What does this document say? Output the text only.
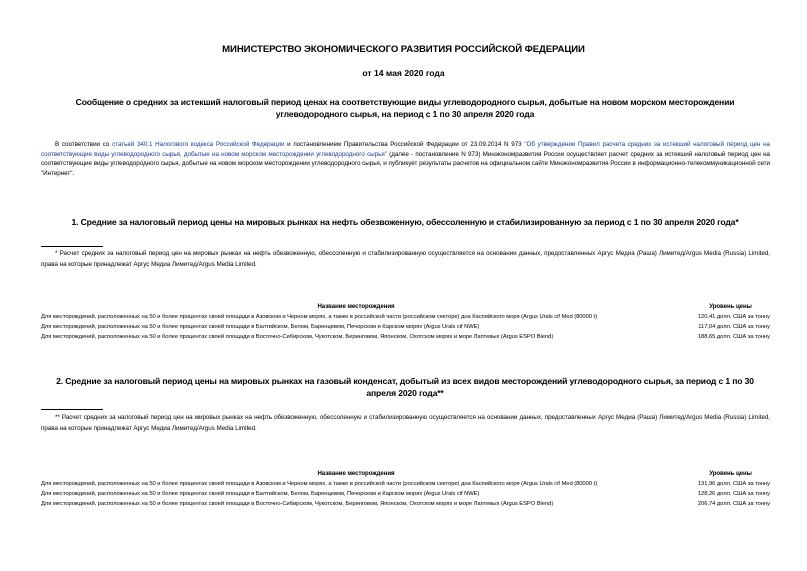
МИНИСТЕРСТВО ЭКОНОМИЧЕСКОГО РАЗВИТИЯ РОССИЙСКОЙ ФЕДЕРАЦИИ
от 14 мая 2020 года
Сообщение о средних за истекший налоговый период ценах на соответствующие виды углеводородного сырья, добытые на новом морском месторождении углеводородного сырья, на период с 1 по 30 апреля 2020 года
В соответствии со статьей 340.1 Налогового кодекса Российской Федерации и постановлением Правительства Российской Федерации от 23.09.2014 N 973 "Об утверждении Правил расчета средних за истекший налоговый период цен на соответствующие виды углеводородного сырья, добытые на новом морском месторождении углеводородного сырья" (далее - постановление N 973) Минэкономразвития России осуществляет расчет средних за истекший налоговый период цен на соответствующие виды углеводородного сырья, добытые на новом морском месторождении углеводородного сырья, и публикует результаты расчетов на официальном сайте Минэкономразвития России в информационно-телекоммуникационной сети "Интернет".
1. Средние за налоговый период цены на мировых рынках на нефть обезвоженную, обессоленную и стабилизированную за период с 1 по 30 апреля 2020 года*
* Расчет средних за налоговый период цен на мировых рынках на нефть обезвоженную, обессоленную и стабилизированную осуществляется на основании данных, предоставленных Аргус Медиа (Раша) Лимитед/Argus Media (Russia) Limited, права на которые принадлежат Аргус Медиа Лимитед/Argus Media Limited.
Название месторождения	Уровень цены
Для месторождений, расположенных на 50 и более процентах своей площади в Азовском и Черном морях, а также в российской части (российском секторе) дна Каспийского моря (Argus Urals cif Med (80000 t)	120,41 долл. США за тонну
Для месторождений, расположенных на 50 и более процентах своей площади в Балтийском, Белом, Баренцевом, Печорском и Карском морях (Argus Urals cif NWE)	117,04 долл. США за тонну
Для месторождений, расположенных на 50 и более процентах своей площади в Восточно-Сибирском, Чукотском, Беринговом, Японском, Охотском морях и море Лаптевых (Argus ESPO Blend)	188,65 долл. США за тонну
2. Средние за налоговый период цены на мировых рынках на газовый конденсат, добытый из всех видов месторождений углеводородного сырья, за период с 1 по 30 апреля 2020 года**
** Расчет средних за налоговый период цен на мировых рынках на нефть обезвоженную, обессоленную и стабилизированную осуществляется на основании данных, предоставленных Аргус Медиа (Раша) Лимитед/Argus Media (Russia) Limited, права на которые принадлежат Аргус Медиа Лимитед/Argus Media Limited.
Название месторождения	Уровень цены
Для месторождений, расположенных на 50 и более процентах своей площади в Азовском и Черном морях, а также в российской части (российском секторе) дна Каспийского моря (Argus Urals cif Med (80000 t)	131,96 долл. США за тонну
Для месторождений, расположенных на 50 и более процентах своей площади в Балтийском, Белом, Баренцевом, Печорском и Карском морях (Argus Urals cif NWE)	128,26 долл. США за тонну
Для месторождений, расположенных на 50 и более процентах своей площади в Восточно-Сибирском, Чукотском, Беринговом, Японском, Охотском морях и море Лаптевых (Argus ESPO Blend)	206,74 долл. США за тонну
